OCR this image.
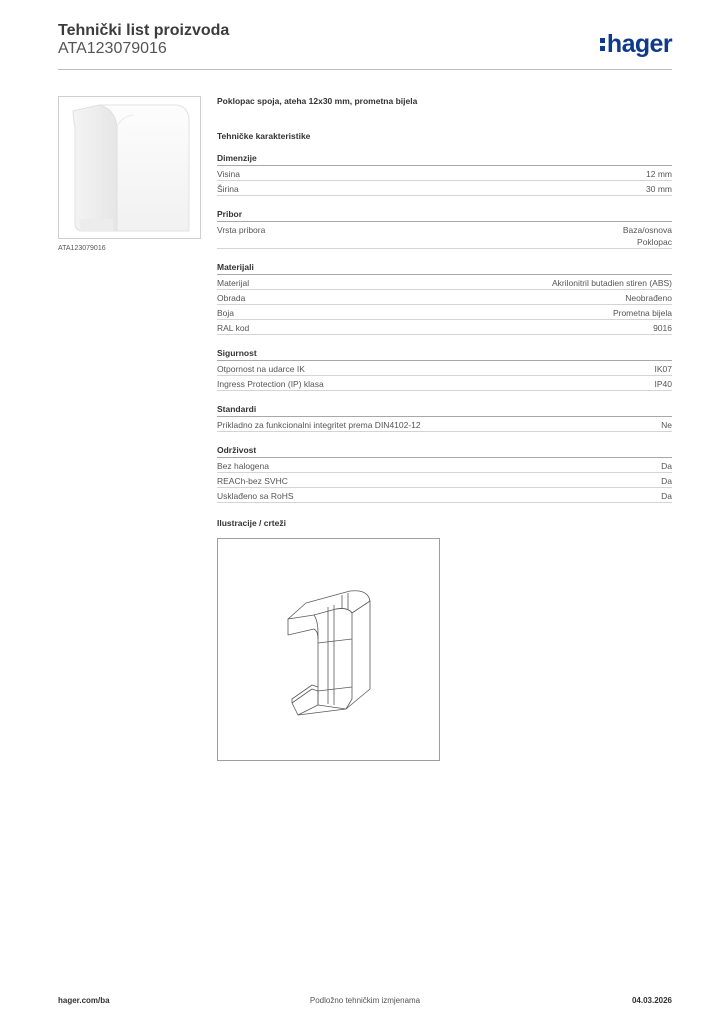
Tehnički list proizvoda
ATA123079016	hager
ATA123079016
Poklopac spoja, ateha 12x30 mm, prometna bijela
Tehničke karakteristike
Dimenzije
Visina	12 mm
Širina	30 mm
Pribor
Vrsta pribora	Baza/osnova
Poklopac
Materijali
Materijal	Akrilonitril butadien stiren (ABS)
Obrada	Neobrađeno
Boja	Prometna bijela
RAL kod	9016
Sigurnost
Otpornost na udarce IK	IK07
Ingress Protection (IP) klasa	IP40
Standardi
Prikladno za funkcionalni integritet prema DIN4102-12	Ne
Održivost
Bez halogena	Da
REACh-bez SVHC	Da
Usklađeno sa RoHS	Da
Ilustracije / crteži
hager.com/ba	Podložno tehničkim izmjenama	04.03.2026
